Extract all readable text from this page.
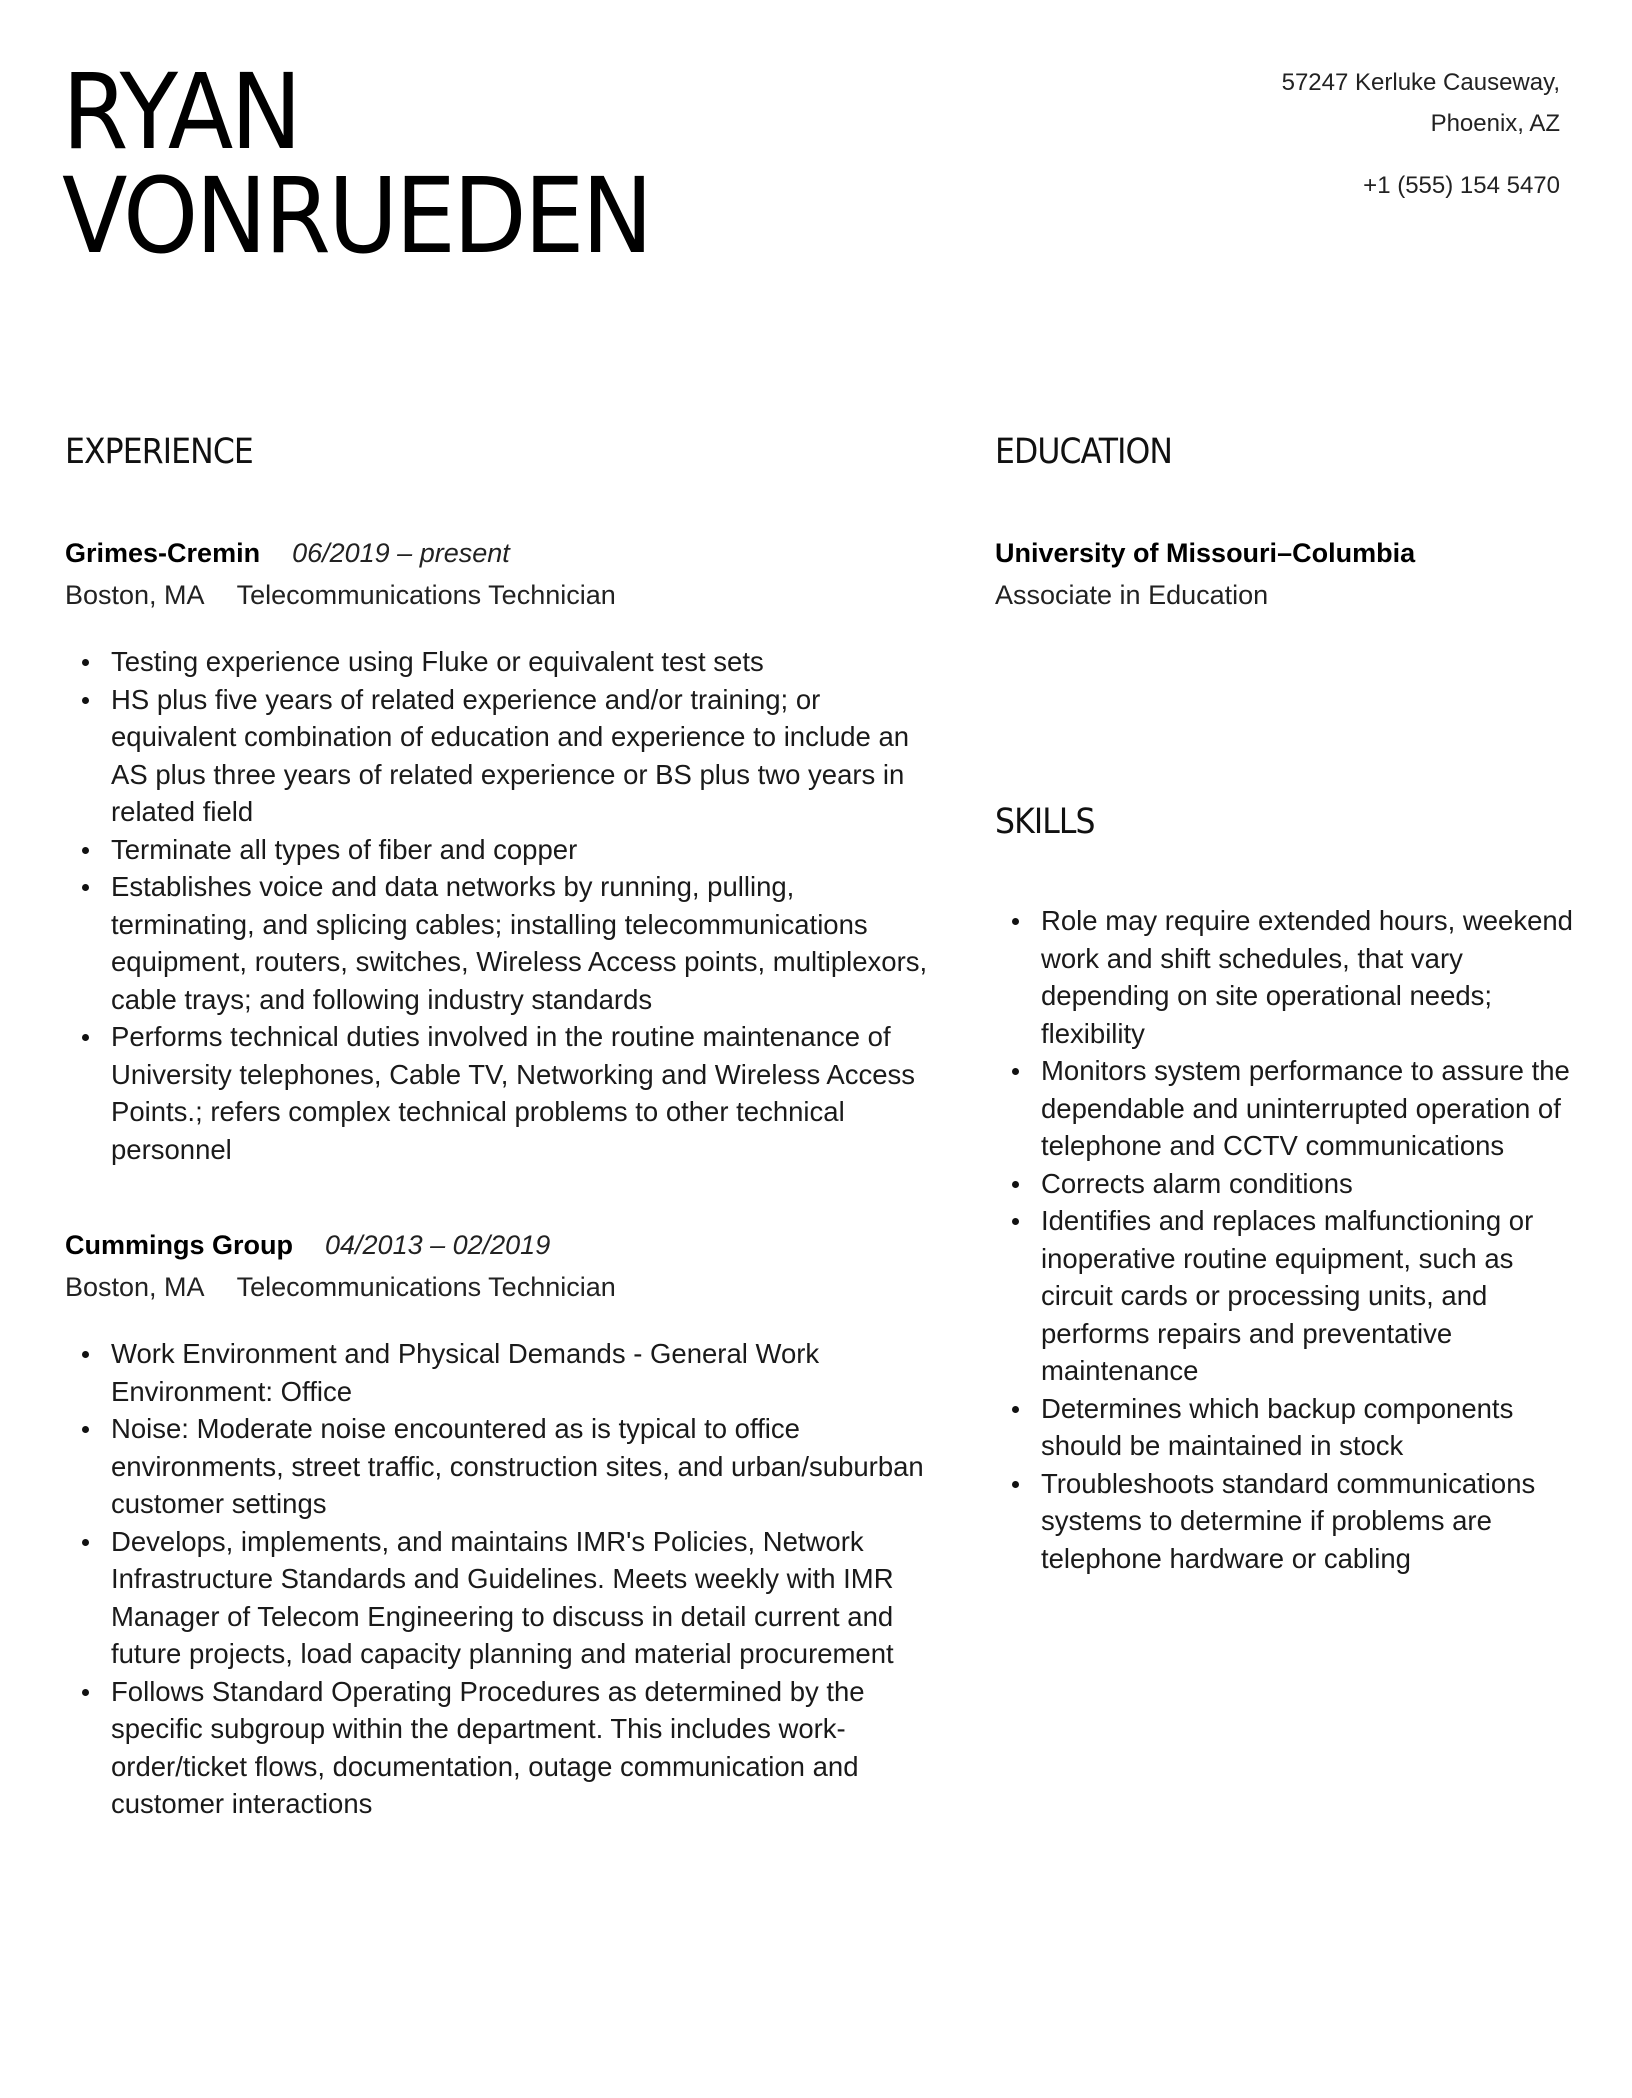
RYAN
VONRUEDEN
57247 Kerluke Causeway,
Phoenix, AZ
+1 (555) 154 5470
EXPERIENCE
Grimes-Cremin 06/2019 – present
Boston, MA Telecommunications Technician
Testing experience using Fluke or equivalent test sets
HS plus five years of related experience and/or training; or equivalent combination of education and experience to include an AS plus three years of related experience or BS plus two years in related field
Terminate all types of fiber and copper
Establishes voice and data networks by running, pulling, terminating, and splicing cables; installing telecommunications equipment, routers, switches, Wireless Access points, multiplexors, cable trays; and following industry standards
Performs technical duties involved in the routine maintenance of University telephones, Cable TV, Networking and Wireless Access Points.; refers complex technical problems to other technical personnel
Cummings Group 04/2013 – 02/2019
Boston, MA Telecommunications Technician
Work Environment and Physical Demands - General Work Environment: Office
Noise: Moderate noise encountered as is typical to office environments, street traffic, construction sites, and urban/suburban customer settings
Develops, implements, and maintains IMR's Policies, Network Infrastructure Standards and Guidelines. Meets weekly with IMR Manager of Telecom Engineering to discuss in detail current and future projects, load capacity planning and material procurement
Follows Standard Operating Procedures as determined by the specific subgroup within the department. This includes work-order/ticket flows, documentation, outage communication and customer interactions
EDUCATION
University of Missouri–Columbia
Associate in Education
SKILLS
Role may require extended hours, weekend work and shift schedules, that vary depending on site operational needs; flexibility
Monitors system performance to assure the dependable and uninterrupted operation of telephone and CCTV communications
Corrects alarm conditions
Identifies and replaces malfunctioning or inoperative routine equipment, such as circuit cards or processing units, and performs repairs and preventative maintenance
Determines which backup components should be maintained in stock
Troubleshoots standard communications systems to determine if problems are telephone hardware or cabling
